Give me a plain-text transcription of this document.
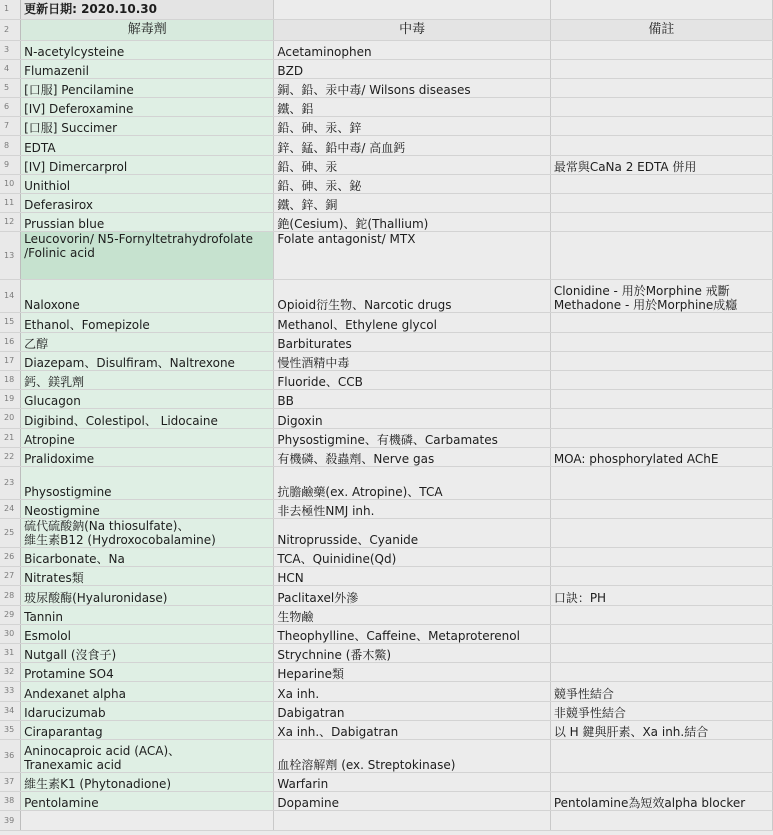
1	更新日期: 2020.10.30		
2	解毒劑	中毒	備註
3	N-acetylcysteine	Acetaminophen	
4	Flumazenil	BZD	
5	[口服] Pencilamine	銅、鉛、汞中毒/ Wilsons diseases	
6	[IV] Deferoxamine	鐵、鋁	
7	[口服] Succimer	鉛、砷、汞、鋅	
8	EDTA	鋅、錳、鉛中毒/ 高血鈣	
9	[IV] Dimercarprol	鉛、砷、汞	最常與CaNa 2 EDTA 併用
10	Unithiol	鉛、砷、汞、鉍	
11	Deferasirox	鐵、鋅、銅	
12	Prussian blue	銫(Cesium)、鉈(Thallium)	
13	Leucovorin/ N5-Fornyltetrahydrofolate
/Folinic acid	Folate antagonist/ MTX	
14	Naloxone	Opioid衍生物、Narcotic drugs	Clonidine - 用於Morphine 戒斷
Methadone - 用於Morphine成癮

15	Ethanol、Fomepizole	Methanol、Ethylene glycol	
16	乙醇	Barbiturates	
17	Diazepam、Disulfiram、Naltrexone	慢性酒精中毒	
18	鈣、鎂乳劑	Fluoride、CCB	
19	Glucagon	BB	
20	Digibind、Colestipol、 Lidocaine	Digoxin	
21	Atropine	Physostigmine、有機磷、Carbamates	
22	Pralidoxime	有機磷、殺蟲劑、Nerve gas	MOA: phosphorylated AChE
23	Physostigmine	抗膽鹼藥(ex. Atropine)、TCA	
24	Neostigmine	非去極性NMJ inh.	
25	硫代硫酸鈉(Na thiosulfate)、
維生素B12 (Hydroxocobalamine)	Nitroprusside、Cyanide	
26	Bicarbonate、Na	TCA、Quinidine(Qd)	
27	Nitrates類	HCN	
28	玻尿酸酶(Hyaluronidase)	Paclitaxel外滲	口訣：PH
29	Tannin	生物鹼	
30	Esmolol	Theophylline、Caffeine、Metaproterenol	
31	Nutgall (沒食子)	Strychnine (番木鱉)	
32	Protamine SO4	Heparine類	
33	Andexanet alpha	Xa inh.	競爭性結合
34	Idarucizumab	Dabigatran	非競爭性結合
35	Ciraparantag	Xa inh.、Dabigatran	以 H 鍵與肝素、Xa inh.結合
36	Aninocaproic acid (ACA)、
Tranexamic acid	血栓溶解劑 (ex. Streptokinase)	
37	維生素K1 (Phytonadione)	Warfarin	
38	Pentolamine	Dopamine	Pentolamine為短效alpha blocker
39			
